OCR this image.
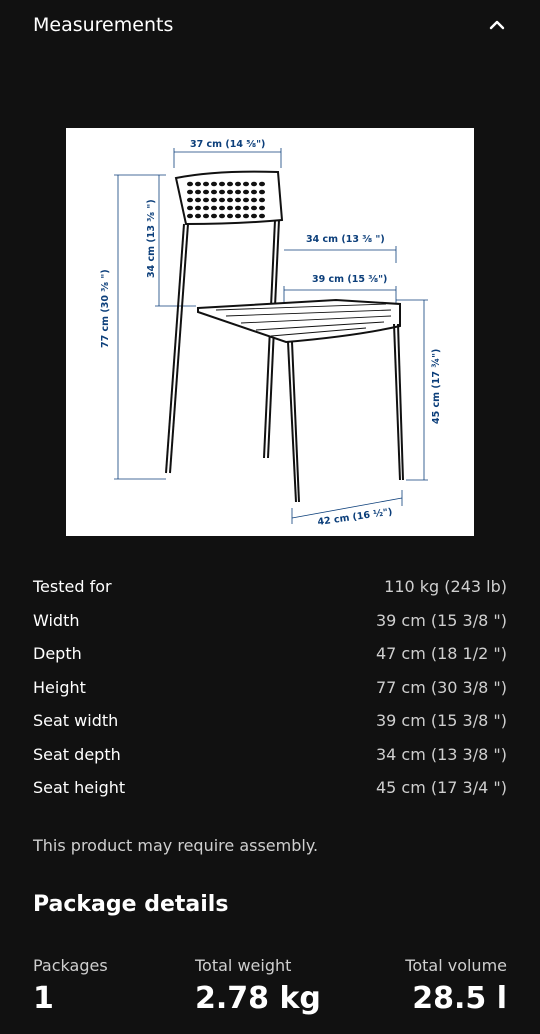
Measurements
37 cm (14 ⅝")
77 cm (30 ⅜ ")
34 cm (13 ⅜ ")	34 cm (13 ⅜ ")
39 cm (15 ⅜")
45 cm (17 ¾")
42 cm (16 ½")
Tested for	110 kg (243 lb)
Width	39 cm (15 3/8 ")
Depth	47 cm (18 1/2 ")
Height	77 cm (30 3/8 ")
Seat width	39 cm (15 3/8 ")
Seat depth	34 cm (13 3/8 ")
Seat height	45 cm (17 3/4 ")
This product may require assembly.
Package details
Packages
1
Total weight
2.78 kg
Total volume
28.5 l
